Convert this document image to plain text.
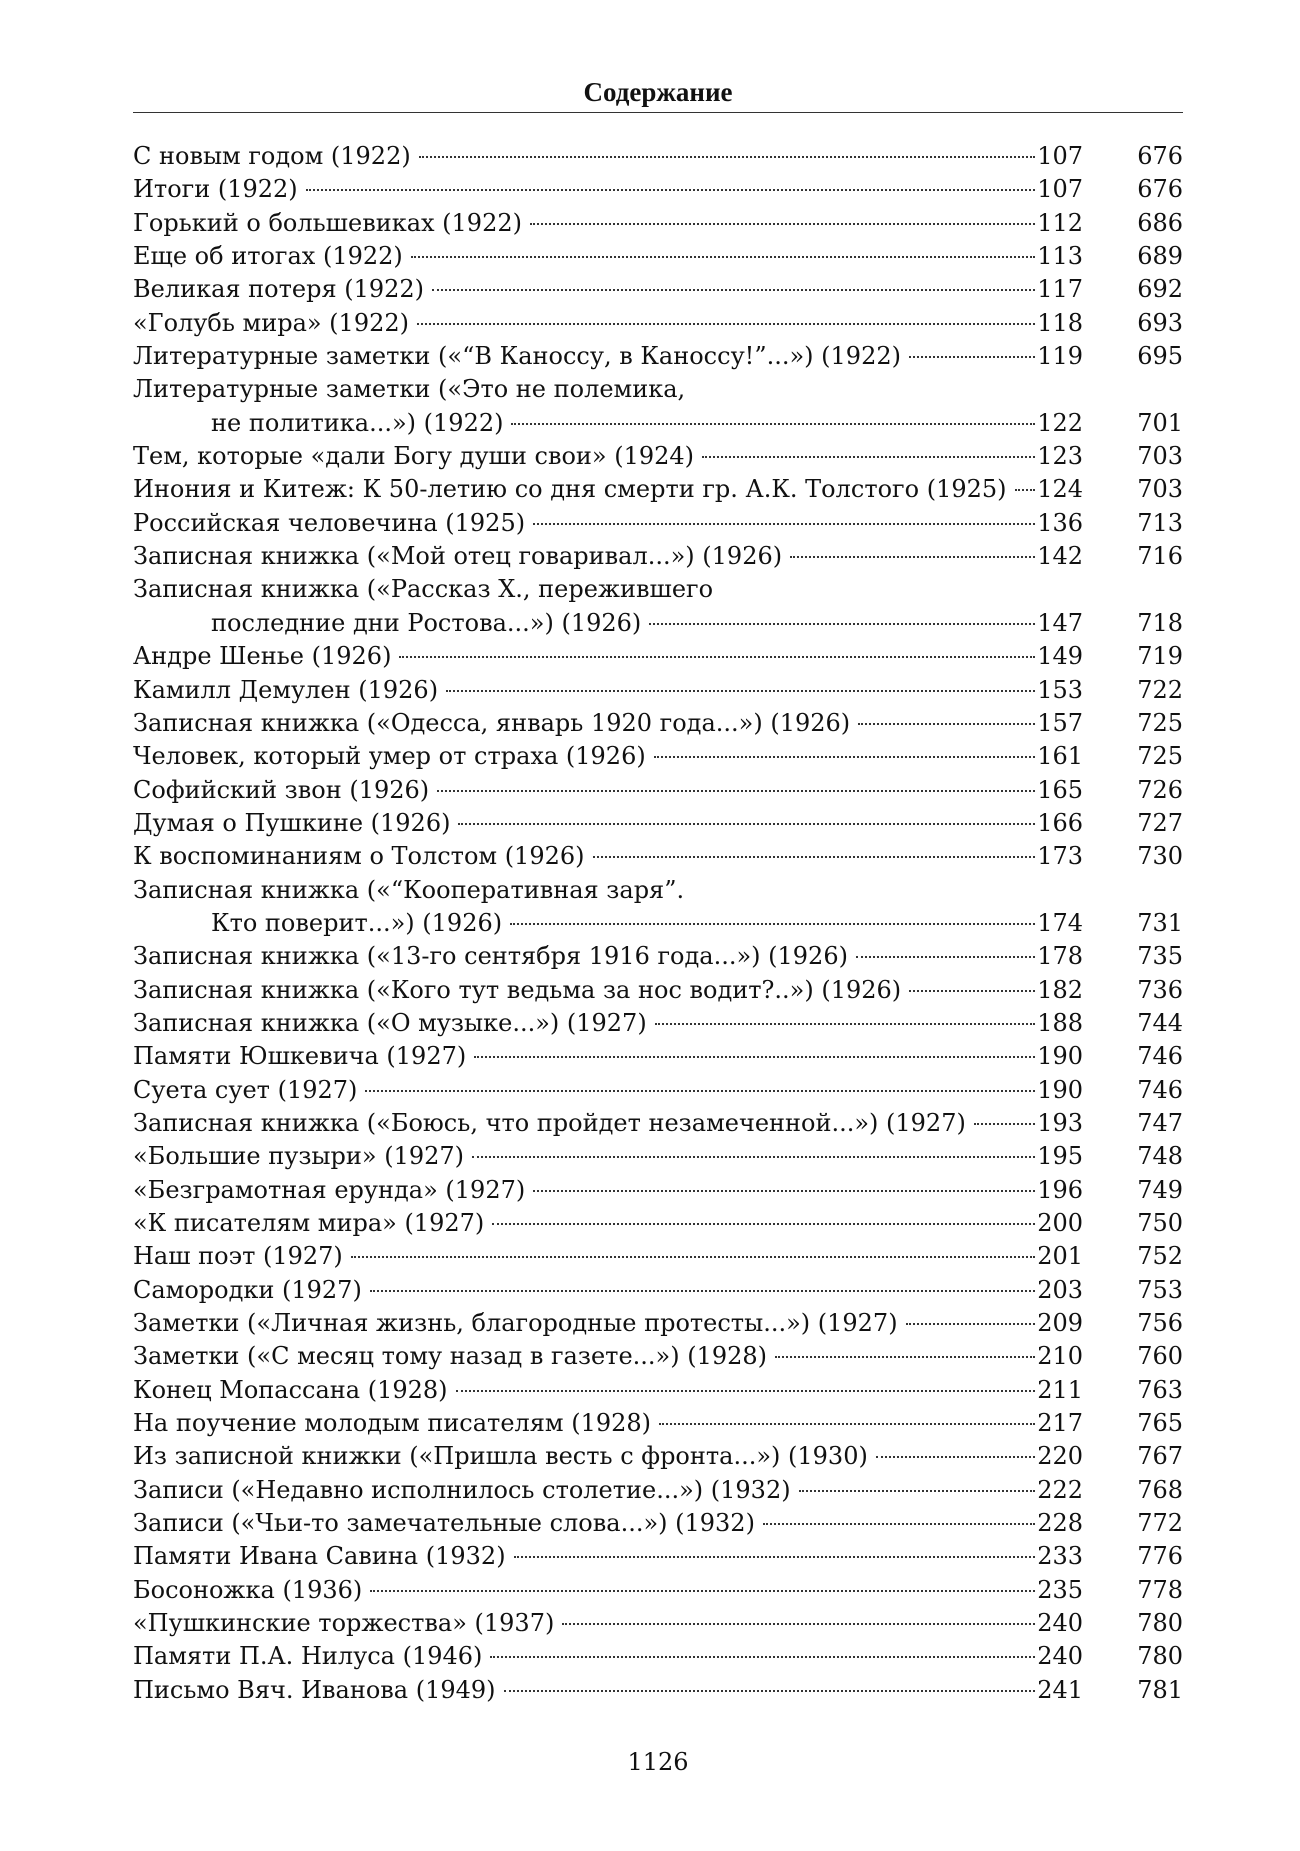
Содержание
С новым годом (1922)	107	676
Итоги (1922)	107	676
Горький о большевиках (1922)	112	686
Еще об итогах (1922)	113	689
Великая потеря (1922)	117	692
«Голубь мира» (1922)	118	693
Литературные заметки («“В Каноссу, в Каноссу!”...») (1922)	119	695
Литературные заметки («Это не полемика,
не политика...») (1922)	122	701
Тем, которые «дали Богу души свои» (1924)	123	703
Инония и Китеж: К 50-летию со дня смерти гр. А.К. Толстого (1925) 124	703
Российская человечина (1925)	136	713
Записная книжка («Мой отец говаривал...») (1926)	142	716
Записная книжка («Рассказ Х., пережившего
последние дни Ростова...») (1926)	147	718
Андре Шенье (1926)	149	719
Камилл Демулен (1926)	153	722
Записная книжка («Одесса, январь 1920 года...») (1926)	157	725
Человек, который умер от страха (1926)	161	725
Софийский звон (1926)	165	726
Думая о Пушкине (1926)	166	727
К воспоминаниям о Толстом (1926)	173	730
Записная книжка («“Кооперативная заря”.
Кто поверит...») (1926)	174	731
Записная книжка («13-го сентября 1916 года...») (1926)	178	735
Записная книжка («Кого тут ведьма за нос водит?..») (1926)	182	736
Записная книжка («О музыке...») (1927)	188	744
Памяти Юшкевича (1927)	190	746
Суета сует (1927)	190	746
Записная книжка («Боюсь, что пройдет незамеченной...») (1927)	193	747
«Большие пузыри» (1927)	195	748
«Безграмотная ерунда» (1927)	196	749
«К писателям мира» (1927)	200	750
Наш поэт (1927)	201	752
Самородки (1927)	203	753
Заметки («Личная жизнь, благородные протесты...») (1927)	209	756
Заметки («С месяц тому назад в газете...») (1928)	210	760
Конец Мопассана (1928)	211	763
На поучение молодым писателям (1928)	217	765
Из записной книжки («Пришла весть с фронта...») (1930)	220	767
Записи («Недавно исполнилось столетие...») (1932)	222	768
Записи («Чьи-то замечательные слова...») (1932)	228	772
Памяти Ивана Савина (1932)	233	776
Босоножка (1936)	235	778
«Пушкинские торжества» (1937)	240	780
Памяти П.А. Нилуса (1946)	240	780
Письмо Вяч. Иванова (1949)	241	781
1126
